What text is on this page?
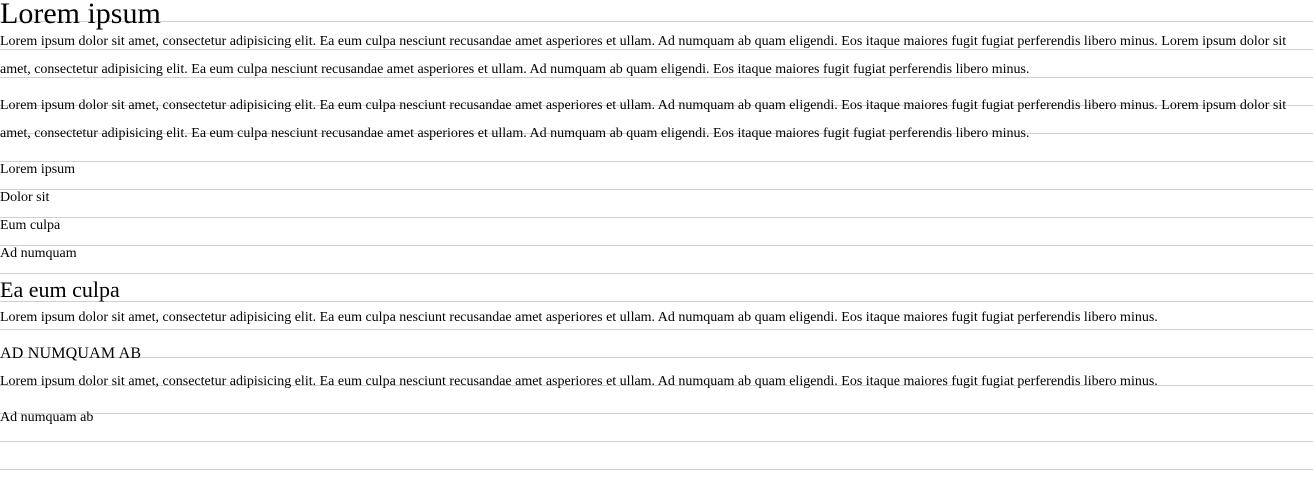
Lorem ipsum

Lorem ipsum dolor sit amet, consectetur adipisicing elit. Ea eum culpa nesciunt recusandae amet asperiores et ullam. Ad numquam ab quam eligendi. Eos itaque maiores fugit fugiat perferendis libero minus. Lorem ipsum dolor sit amet, consectetur adipisicing elit. Ea eum culpa nesciunt recusandae amet asperiores et ullam. Ad numquam ab quam eligendi. Eos itaque maiores fugit fugiat perferendis libero minus.

Lorem ipsum dolor sit amet, consectetur adipisicing elit. Ea eum culpa nesciunt recusandae amet asperiores et ullam. Ad numquam ab quam eligendi. Eos itaque maiores fugit fugiat perferendis libero minus. Lorem ipsum dolor sit amet, consectetur adipisicing elit. Ea eum culpa nesciunt recusandae amet asperiores et ullam. Ad numquam ab quam eligendi. Eos itaque maiores fugit fugiat perferendis libero minus.

Lorem ipsum
Dolor sit
Eum culpa
Ad numquam
Ea eum culpa

Lorem ipsum dolor sit amet, consectetur adipisicing elit. Ea eum culpa nesciunt recusandae amet asperiores et ullam. Ad numquam ab quam eligendi. Eos itaque maiores fugit fugiat perferendis libero minus.

AD NUMQUAM AB

Lorem ipsum dolor sit amet, consectetur adipisicing elit. Ea eum culpa nesciunt recusandae amet asperiores et ullam. Ad numquam ab quam eligendi. Eos itaque maiores fugit fugiat perferendis libero minus.

Ad numquam ab
